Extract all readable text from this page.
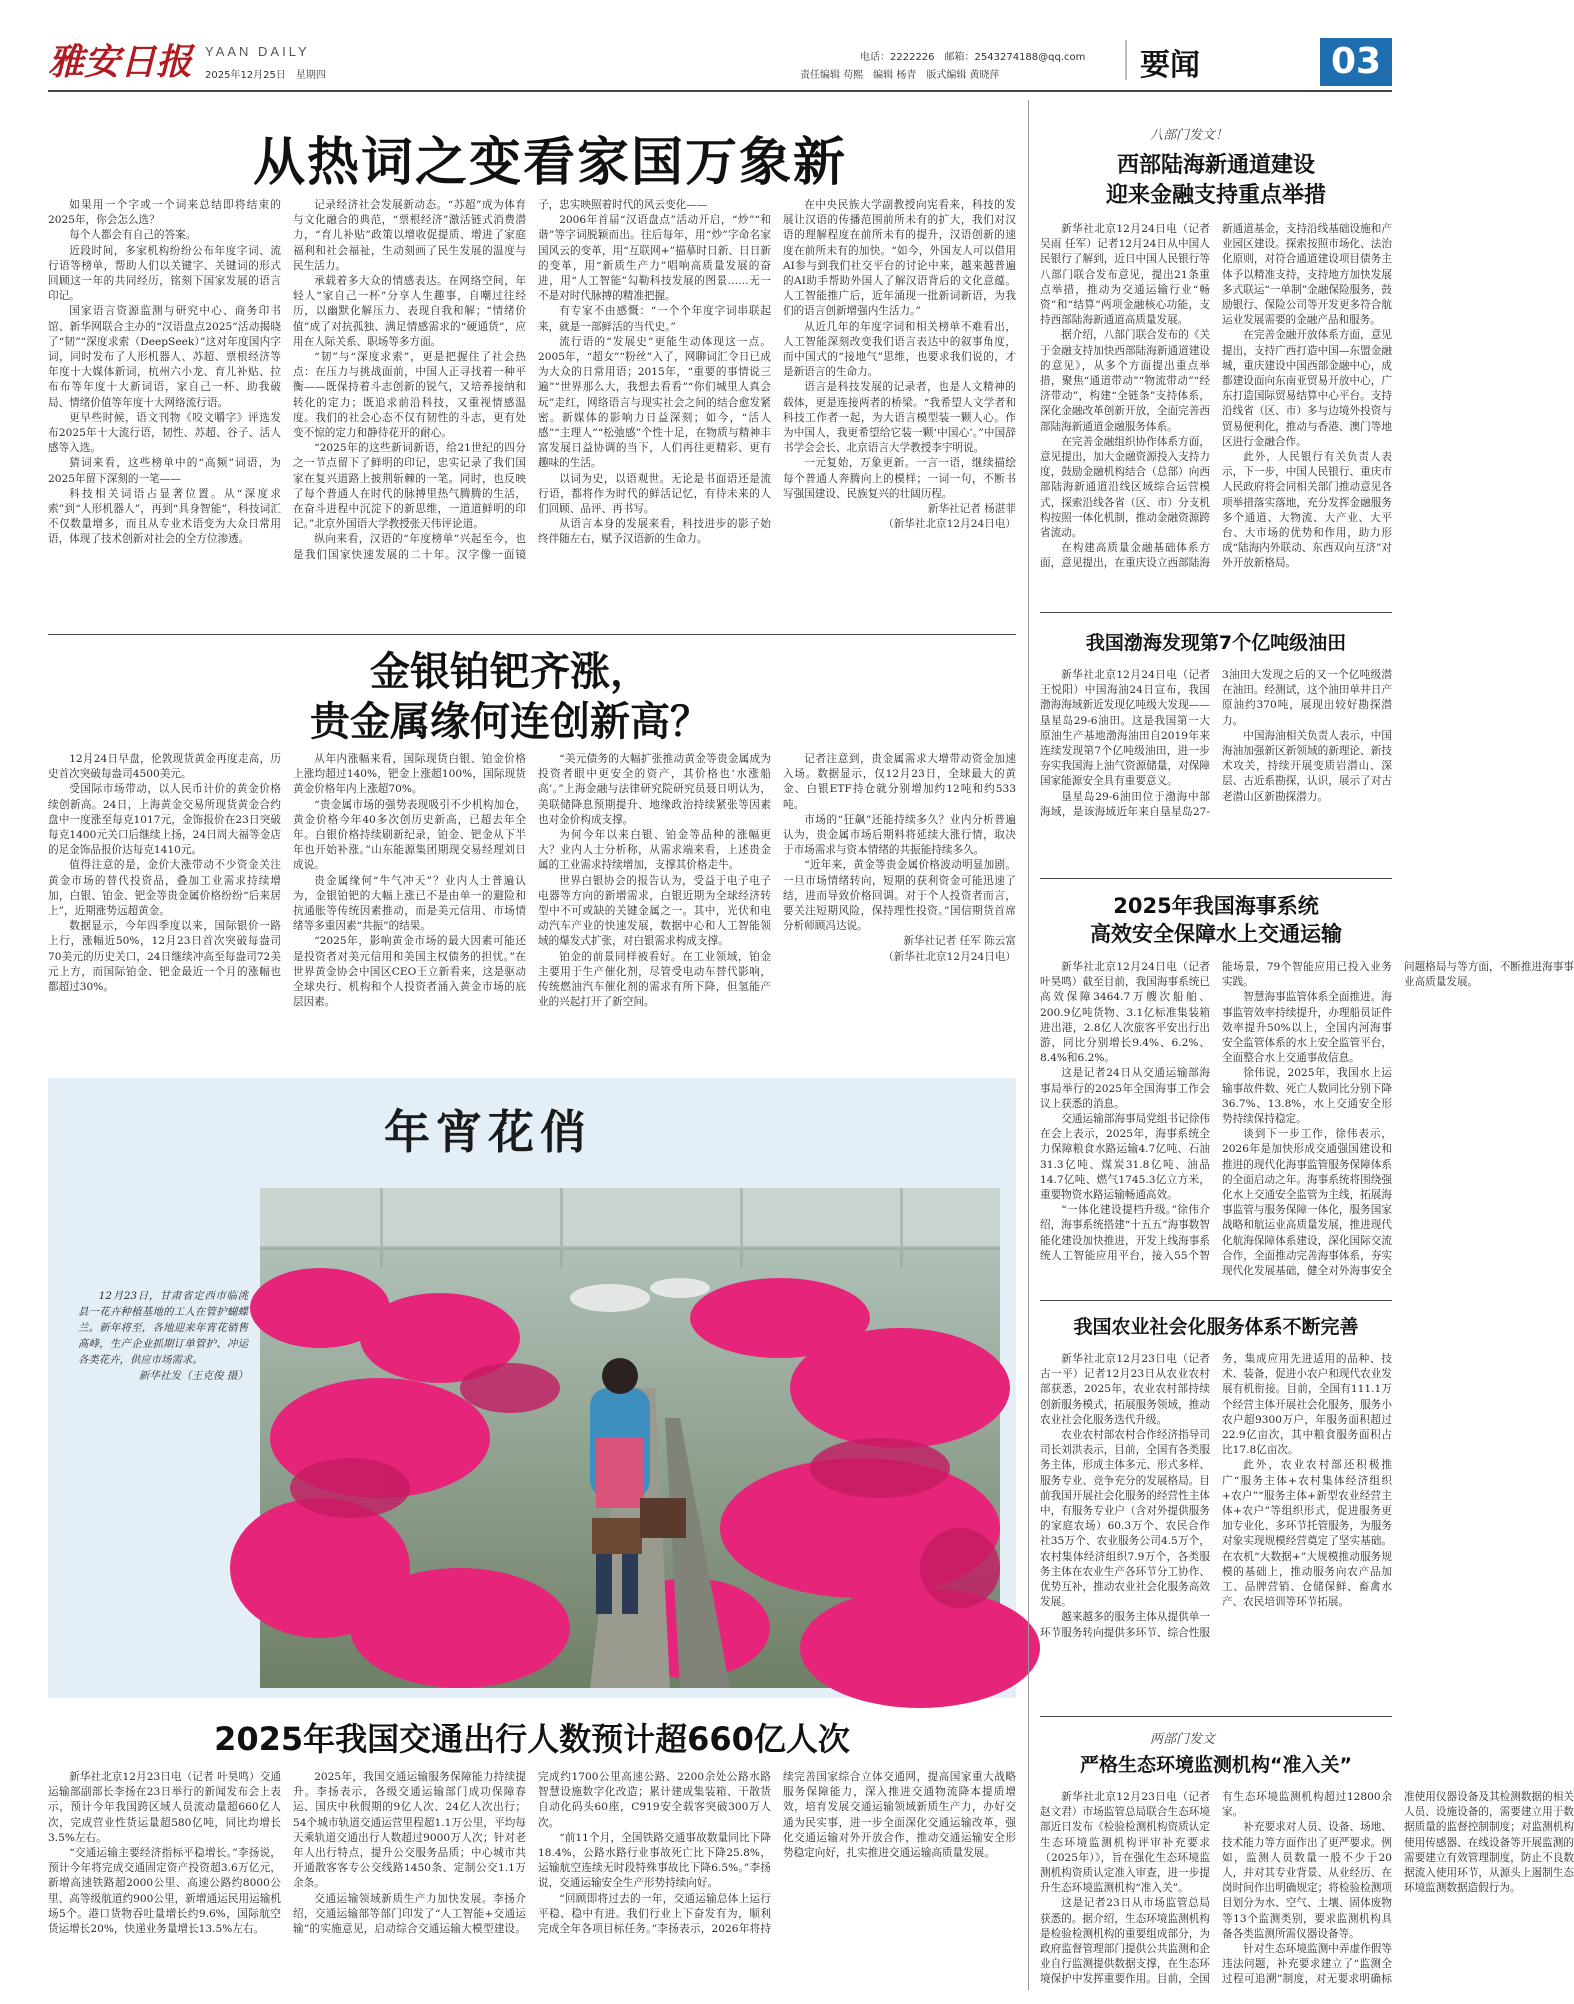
雅安日报 YAAN DAILY
2025年12月25日　星期四
电话：2222226　邮箱：2543274188@qq.com
责任编辑 苟熙　编辑 杨青　版式编辑 黄晓萍	要闻	03
从热词之变看家国万象新

如果用一个字或一个词来总结即将结束的2025年，你会怎么选？

每个人都会有自己的答案。

近段时间，多家机构纷纷公布年度字词、流行语等榜单，帮助人们以关键字、关键词的形式回顾这一年的共同经历，铭刻下国家发展的语言印记。

国家语言资源监测与研究中心、商务印书馆、新华网联合主办的“汉语盘点2025”活动揭晓了“韧”“深度求索（DeepSeek）”这对年度国内字词，同时发布了人形机器人、苏超、票根经济等年度十大媒体新词，杭州六小龙、育儿补贴、拉布布等年度十大新词语，家自己一杯、助我破局、情绪价值等年度十大网络流行语。

更早些时候，语文刊物《咬文嚼字》评选发布2025年十大流行语，韧性、苏超、谷子、活人感等入选。

猜词来看，这些榜单中的“高频”词语，为2025年留下深刻的一笔——

科技相关词语占显著位置。从“深度求索”到“人形机器人”，再到“具身智能”，科技词汇不仅数量增多，而且从专业术语变为大众日常用语，体现了技术创新对社会的全方位渗透。

记录经济社会发展新动态。“苏超”成为体育与文化融合的典范，“票根经济”激活链式消费潜力，“育儿补贴”政策以增收促提质、增进了家庭福利和社会福祉，生动刻画了民生发展的温度与民生活力。

承载着多大众的情感表达。在网络空间，年轻人“家自己一杯”分享人生趣事，自嘲过往经历，以幽默化解压力、表现自我和解；“情绪价值”成了对抗孤独、满足情感需求的“硬通货”，应用在人际关系、职场等多方面。

“韧”与“深度求索”，更是把握住了社会热点：在压力与挑战面前，中国人正寻找着一种平衡——既保持着斗志创新的锐气，又培养接纳和转化的定力；既追求前沿科技，又重视情感温度。我们的社会心态不仅有韧性的斗志，更有处变不惊的定力和静待花开的耐心。

“2025年的这些新词新语，给21世纪的四分之一节点留下了鲜明的印记，忠实记录了我们国家在复兴道路上披荆斩棘的一笔。同时，也反映了每个普通人在时代的脉搏里热气腾腾的生活，在奋斗进程中沉淀下的新思维，一道道鲜明的印记。”北京外国语大学教授张天伟评论道。

纵向来看，汉语的“年度榜单”兴起至今，也是我们国家快速发展的二十年。汉字像一面镜子，忠实映照着时代的风云变化——

2006年首届“汉语盘点”活动开启，“炒”“和谐”等字词脱颖而出。往后每年，用“炒”字命名家国风云的变革，用“互联网+”描摹时日新、日日新的变革，用“新质生产力”唱响高质量发展的奋进，用“人工智能”勾勒科技发展的图景……无一不是对时代脉搏的精准把握。

有专家不由感慨：“一个个年度字词串联起来，就是一部鲜活的当代史。”

流行语的“发展史”更能生动体现这一点。2005年，“超女”“粉丝”入了，网聊词汇令日已成为大众的日常用语；2015年，“重要的事情说三遍”“世界那么大，我想去看看”“你们城里人真会玩”走红，网络语言与现实社会之间的结合愈发紧密。新媒体的影响力日益深刻；如今，“活人感”“主理人”“松弛感”个性十足，在物质与精神丰富发展日益协调的当下，人们再往更精彩、更有趣味的生活。

以词为史，以语观世。无论是书面语还是流行语，都将作为时代的鲜活记忆，有待未来的人们回顾、品评、再书写。

从语言本身的发展来看，科技进步的影子始终伴随左右，赋予汉语新的生命力。

在中央民族大学副教授向宪看来，科技的发展让汉语的传播范围前所未有的扩大，我们对汉语的理解程度在前所未有的提升，汉语创新的速度在前所未有的加快。“如今，外国友人可以借用AI参与到我们社交平台的讨论中来，越来越普遍的AI助手帮助外国人了解汉语背后的文化意蕴。人工智能推广后，近年涌现一批新词新语，为我们的语言创新增强内生活力。”

从近几年的年度字词和相关榜单不难看出，人工智能深刻改变我们语言表达中的叙事角度，而中国式的“接地气”思维，也要求我们说的，才是新语言的生命力。

语言是科技发展的记录者，也是人文精神的载体，更是连接两者的桥梁。“我希望人文学者和科技工作者一起，为大语言模型装一颗人心。作为中国人，我更希望给它装一颗‘中国心’。”中国辞书学会会长、北京语言大学教授李宇明说。

一元复始，万象更新。一言一语，继续描绘每个普通人奔腾向上的模样；一词一句，不断书写强国建设、民族复兴的壮阔历程。

新华社记者 杨湛菲
（新华社北京12月24日电）
金银铂钯齐涨，
贵金属缘何连创新高？

12月24日早盘，伦敦现货黄金再度走高，历史首次突破每盎司4500美元。

受国际市场带动，以人民币计价的黄金价格续创新高。24日，上海黄金交易所现货黄金合约盘中一度涨至每克1017元，金饰报价在23日突破每克1400元关口后继续上扬，24日周大福等金店的足金饰品报价达每克1410元。

值得注意的是，金价大涨带动不少资金关注黄金市场的替代投资品，叠加工业需求持续增加，白银、铂金、钯金等贵金属价格纷纷“后来居上”，近期涨势远超黄金。

数据显示，今年四季度以来，国际银价一路上行，涨幅近50%，12月23日首次突破每盎司70美元的历史关口，24日继续冲高至每盎司72美元上方，而国际铂金、钯金最近一个月的涨幅也都超过30%。

从年内涨幅来看，国际现货白银、铂金价格上涨均超过140%，钯金上涨超100%，国际现货黄金价格年内上涨超70%。

“贵金属市场的强势表现吸引不少机构加仓，黄金价格今年40多次创历史新高，已超去年全年。白银价格持续刷新纪录，铂金、钯金从下半年也开始补涨。”山东能源集团期现交易经理刘日成说。

贵金属缘何“牛气冲天”？业内人士普遍认为，金银铂钯的大幅上涨已不是由单一的避险和抗通胀等传统因素推动，而是美元信用、市场情绪等多重因素“共振”的结果。

“2025年，影响黄金市场的最大因素可能还是投资者对美元信用和美国主权债务的担忧。”在世界黄金协会中国区CEO王立新看来，这是驱动全球央行、机构和个人投资者涌入黄金市场的底层因素。

“美元债务的大幅扩张推动黄金等贵金属成为投资者眼中更安全的资产，其价格也‘水涨船高’。”上海金融与法律研究院研究员聂日明认为，美联储降息预期提升、地缘政治持续紧张等因素也对金价构成支撑。

为何今年以来白银、铂金等品种的涨幅更大？业内人士分析称，从需求端来看，上述贵金属的工业需求持续增加，支撑其价格走牛。

世界白银协会的报告认为，受益于电子电子电器等方向的新增需求，白银近期为全球经济转型中不可或缺的关键金属之一。其中，光伏和电动汽车产业的快速发展，数据中心和人工智能领域的爆发式扩张，对白银需求构成支撑。

铂金的前景同样被看好。在工业领域，铂金主要用于生产催化剂，尽管受电动车替代影响，传统燃油汽车催化剂的需求有所下降，但氢能产业的兴起打开了新空间。

记者注意到，贵金属需求大增带动资金加速入场。数据显示，仅12月23日，全球最大的黄金、白银ETF持仓就分别增加约12吨和约533吨。

市场的“狂飙”还能持续多久？业内分析普遍认为，贵金属市场后期料将延续大涨行情，取决于市场需求与资本情绪的共振能持续多久。

“近年来，黄金等贵金属价格波动明显加剧。一旦市场情绪转向，短期的获利资金可能迅速了结，进而导致价格回调。对于个人投资者而言，要关注短期风险，保持理性投资。”国信期货首席分析师顾冯达说。

新华社记者 任军 陈云富
（新华社北京12月24日电）
年宵花俏

12月23日，甘肃省定西市临洮县一花卉种植基地的工人在管护蝴蝶兰。新年将至，各地迎来年宵花销售高峰，生产企业抓期订单管护、冲运各类花卉，供应市场需求。

新华社发（王克俊 摄）
2025年我国交通出行人数预计超660亿人次

新华社北京12月23日电（记者 叶昊鸣）交通运输部副部长李扬在23日举行的新闻发布会上表示，预计今年我国跨区域人员流动量超660亿人次，完成营业性货运量超580亿吨，同比均增长3.5%左右。

“交通运输主要经济指标平稳增长。”李扬说，预计今年将完成交通固定资产投资超3.6万亿元，新增高速铁路超2000公里、高速公路约8000公里、高等级航道约900公里，新增通运民用运输机场5个。港口货物吞吐量增长约9.6%，国际航空货运增长20%，快递业务量增长13.5%左右。

2025年，我国交通运输服务保障能力持续提升。李扬表示，各级交通运输部门成功保障春运、国庆中秋假期的9亿人次、24亿人次出行；54个城市轨道交通运营里程超1.1万公里，平均每天乘轨道交通出行人数超过9000万人次；针对老年人出行特点，提升公交服务品质；中心城市共开通散客客专公交线路1450条、定制公交1.1万余条。

交通运输领域新质生产力加快发展。李扬介绍，交通运输部等部门印发了“人工智能+交通运输”的实施意见，启动综合交通运输大模型建设。完成约1700公里高速公路、2200余处公路水路智慧设施数字化改造；累计建成集装箱、干散货自动化码头60座，C919安全载客突破300万人次。

“前11个月，全国铁路交通事故数量同比下降18.4%，公路水路行业事故死亡比下降25.8%，运输航空连续无时段特殊事故比下降6.5%。”李扬说，交通运输安全生产形势持续向好。

“回顾即将过去的一年，交通运输总体上运行平稳、稳中有进。我们行业上下奋发有为，顺利完成全年各项目标任务。”李扬表示，2026年将持续完善国家综合立体交通网，提高国家重大战略服务保障能力，深入推进交通物流降本提质增效，培育发展交通运输领域新质生产力，办好交通为民实事，进一步全面深化交通运输改革，强化交通运输对外开放合作，推动交通运输安全形势稳定向好，扎实推进交通运输高质量发展。

八部门发文！
西部陆海新通道建设
迎来金融支持重点举措

新华社北京12月24日电（记者 吴雨 任军）记者12月24日从中国人民银行了解到，近日中国人民银行等八部门联合发布意见，提出21条重点举措，推动为交通运输行业“畅资”和“结算”两项金融核心功能，支持西部陆海新通道高质量发展。

据介绍，八部门联合发布的《关于金融支持加快西部陆海新通道建设的意见》，从多个方面提出重点举措，聚焦“通道带动”“物流带动”“经济带动”，构建“全链条”支持体系，深化金融改革创新开放，全面完善西部陆海新通道金融服务体系。

在完善金融组织协作体系方面，意见提出，加大金融资源投入支持力度，鼓励金融机构结合（总部）向西部陆海新通道沿线区域综合运营模式，探索沿线各省（区、市）分支机构按照一体化机制，推动金融资源跨省流动。

在构建高质量金融基础体系方面，意见提出，在重庆设立西部陆海新通道基金，支持沿线基础设施和产业园区建设。探索按照市场化、法治化原则，对符合通道建设项目债务主体予以精准支持，支持地方加快发展多式联运“一单制”金融保险服务，鼓励银行、保险公司等开发更多符合航运业发展需要的金融产品和服务。

在完善金融开放体系方面，意见提出，支持广西打造中国—东盟金融城，重庆建设中国西部金融中心，成都建设面向东南亚贸易开放中心，广东打造国际贸易结算中心平台。支持沿线省（区、市）多与边境外投资与贸易便利化，推动与香港、澳门等地区进行金融合作。

此外，人民银行有关负责人表示，下一步，中国人民银行、重庆市人民政府将会同相关部门推动意见各项举措落实落地，充分发挥金融服务多个通道、大物流、大产业、大平台、大市场的优势和作用，助力形成“陆海内外联动、东西双向互济”对外开放新格局。

我国渤海发现第7个亿吨级油田

新华社北京12月24日电（记者 王悦阳）中国海油24日宣布，我国渤海海域新近发现亿吨级大发现——垦星岛29-6油田。这是我国第一大原油生产基地渤海油田自2019年来连续发现第7个亿吨级油田，进一步夯实我国海上油气资源储量，对保障国家能源安全具有重要意义。

垦星岛29-6油田位于渤海中部海域，是该海域近年来自垦星岛27-3油田大发现之后的又一个亿吨级潜在油田。经测试，这个油田单井日产原油约370吨，展现出较好勘探潜力。

中国海油相关负责人表示，中国海油加强新区新领域的新理论、新技术攻关，持续开展变质岩潜山、深层、古近系勘探，认识，展示了对古老潜山区新勘探潜力。

2025年我国海事系统
高效安全保障水上交通运输

新华社北京12月24日电（记者 叶昊鸣）截至目前，我国海事系统已高效保障3464.7万艘次船舶、200.9亿吨货物、3.1亿标准集装箱进出港，2.8亿人次旅客平安出行出游，同比分别增长9.4%、6.2%、8.4%和6.2%。

这是记者24日从交通运输部海事局举行的2025年全国海事工作会议上获悉的消息。

交通运输部海事局党组书记徐伟在会上表示，2025年，海事系统全力保障粮食水路运输4.7亿吨、石油31.3亿吨、煤炭31.8亿吨、油品14.7亿吨、燃气1745.3亿立方米，重要物资水路运输畅通高效。

“一体化建设提档升级。”徐伟介绍，海事系统搭建“十五五”海事数智能化建设加快推进，开发上线海事系统人工智能应用平台，接入55个智能场景，79个智能应用已投入业务实践。

智慧海事监管体系全面推进。海事监管效率持续提升，办理船员证件效率提升50%以上，全国内河海事安全监管体系的水上安全监管平台，全面整合水上交通事故信息。

徐伟说，2025年，我国水上运输事故件数、死亡人数同比分别下降36.7%、13.8%，水上交通安全形势持续保持稳定。

谈到下一步工作，徐伟表示，2026年是加快形成交通强国建设和推进的现代化海事监管服务保障体系的全面启动之年。海事系统将围绕强化水上交通安全监管为主线，拓展海事监管与服务保障一体化，服务国家战略和航运业高质量发展，推进现代化航海保障体系建设，深化国际交流合作，全面推动完善海事体系，夯实现代化发展基础，健全对外海事安全问题格局与等方面，不断推进海事事业高质量发展。

我国农业社会化服务体系不断完善

新华社北京12月23日电（记者 古一平）记者12月23日从农业农村部获悉，2025年，农业农村部持续创新服务模式，拓展服务领域，推动农业社会化服务迭代升级。

农业农村部农村合作经济指导司司长刘洪表示，目前，全国有各类服务主体，形成主体多元、形式多样、服务专业、竞争充分的发展格局。目前我国开展社会化服务的经营性主体中，有服务专业户（含对外提供服务的家庭农场）60.3万个、农民合作社35万个、农业服务公司4.5万个，农村集体经济组织7.9万个，各类服务主体在农业生产各环节分工协作、优势互补，推动农业社会化服务高效发展。

越来越多的服务主体从提供单一环节服务转向提供多环节、综合性服务，集成应用先进适用的品种、技术、装备，促进小农户和现代农业发展有机衔接。目前，全国有111.1万个经营主体开展社会化服务，服务小农户超9300万户，年服务面积超过22.9亿亩次，其中粮食服务面积占比17.8亿亩次。

此外，农业农村部还积极推广“服务主体+农村集体经济组织+农户”“服务主体+新型农业经营主体+农户”等组织形式，促进服务更加专业化、多环节托管服务，为服务对象实现规模经营奠定了坚实基础。在农机“大数据+”大规模推动服务规模的基础上，推动服务向农产品加工、品牌营销、仓储保鲜、畜禽水产、农民培训等环节拓展。

两部门发文
严格生态环境监测机构“准入关”

新华社北京12月23日电（记者 赵文君）市场监管总局联合生态环境部近日发布《检验检测机构资质认定生态环境监测机构评审补充要求（2025年）》，旨在强化生态环境监测机构资质认定准入审查，进一步提升生态环境监测机构“准入关”。

这是记者23日从市场监管总局获悉的。据介绍，生态环境监测机构是检验检测机构的重要组成部分，为政府监督管理部门提供公共监测和企业自行监测提供数据支撑，在生态环境保护中发挥重要作用。目前，全国有生态环境监测机构超过12800余家。

补充要求对人员、设备、场地、技术能力等方面作出了更严要求。例如，监测人员数量一般不少于20人，并对其专业背景、从业经历、在岗时间作出明确规定；将检验检测项目划分为水、空气、土壤、固体废物等13个监测类别，要求监测机构具备各类监测所需仪器设备等。

针对生态环境监测中弄虚作假等违法问题，补充要求建立了“监测全过程可追溯”制度，对无要求明确标准使用仪器设备及其检测数据的相关人员、设施设备的，需要建立用于数据质量的监督控制制度；对监测机构使用传感器、在线设备等开展监测的需要建立有效管理制度，防止不良数据流入使用环节，从源头上遏制生态环境监测数据造假行为。
